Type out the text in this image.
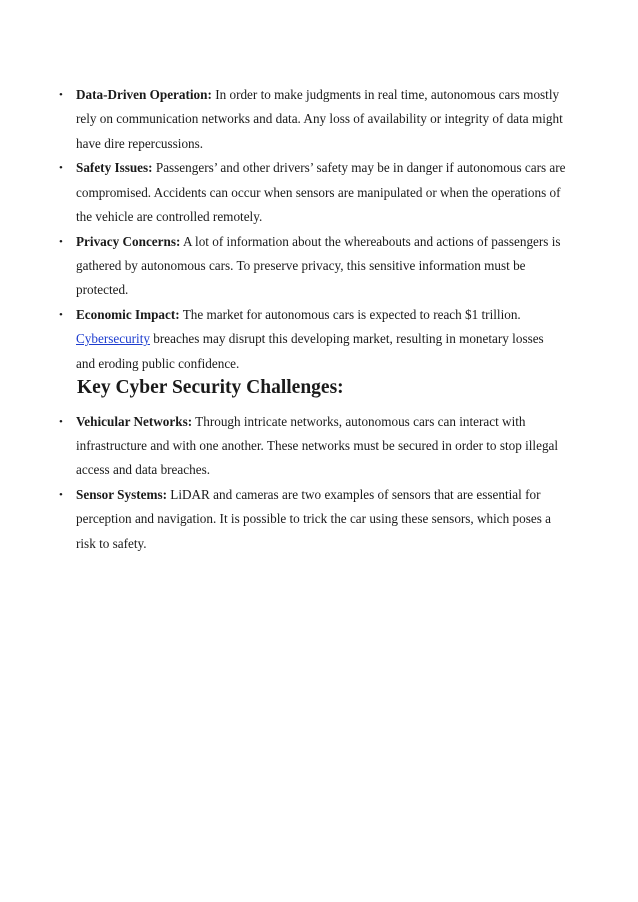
• Data-Driven Operation: In order to make judgments in real time, autonomous cars mostly rely on communication networks and data. Any loss of availability or integrity of data might have dire repercussions.
• Safety Issues: Passengers’ and other drivers’ safety may be in danger if autonomous cars are compromised. Accidents can occur when sensors are manipulated or when the operations of the vehicle are controlled remotely.
• Privacy Concerns: A lot of information about the whereabouts and actions of passengers is gathered by autonomous cars. To preserve privacy, this sensitive information must be protected.
• Economic Impact: The market for autonomous cars is expected to reach $1 trillion. Cybersecurity breaches may disrupt this developing market, resulting in monetary losses and eroding public confidence.
Key Cyber Security Challenges:
• Vehicular Networks: Through intricate networks, autonomous cars can interact with infrastructure and with one another. These networks must be secured in order to stop illegal access and data breaches.
• Sensor Systems: LiDAR and cameras are two examples of sensors that are essential for perception and navigation. It is possible to trick the car using these sensors, which poses a risk to safety.
